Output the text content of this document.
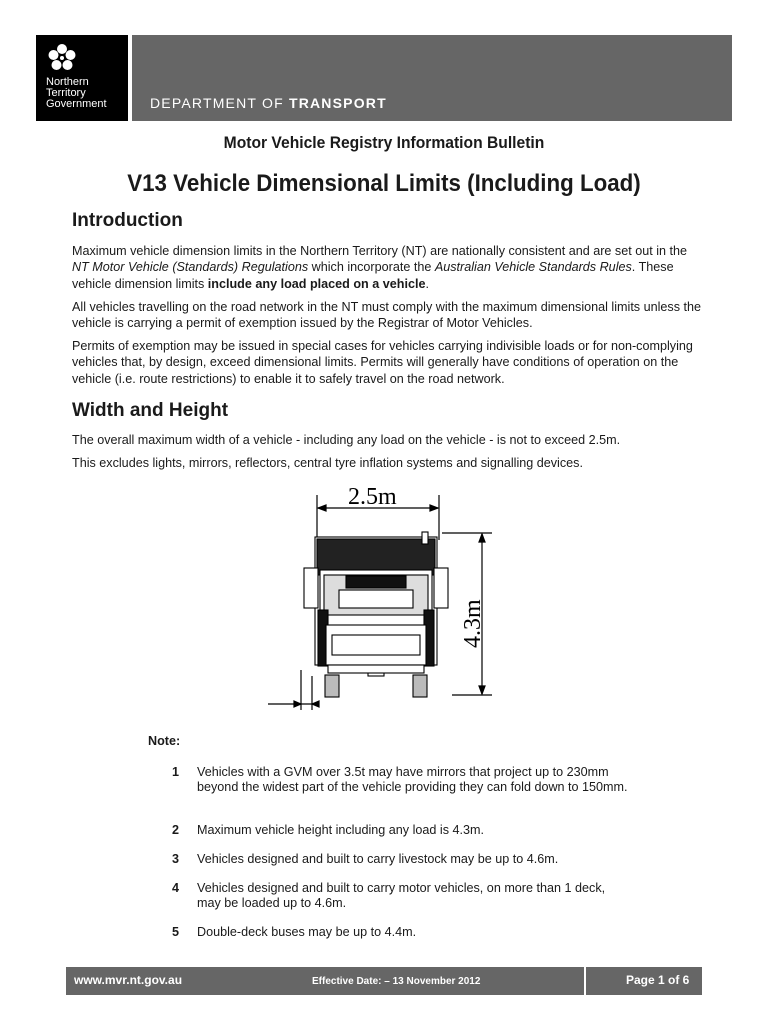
Northern
Territory
Government	DEPARTMENT OF TRANSPORT
Motor Vehicle Registry Information Bulletin
V13 Vehicle Dimensional Limits (Including Load)
Introduction

Maximum vehicle dimension limits in the Northern Territory (NT) are nationally consistent and are set out in the NT Motor Vehicle (Standards) Regulations which incorporate the Australian Vehicle Standards Rules. These vehicle dimension limits include any load placed on a vehicle.

All vehicles travelling on the road network in the NT must comply with the maximum dimensional limits unless the vehicle is carrying a permit of exemption issued by the Registrar of Motor Vehicles.

Permits of exemption may be issued in special cases for vehicles carrying indivisible loads or for non-complying vehicles that, by design, exceed dimensional limits. Permits will generally have conditions of operation on the vehicle (i.e. route restrictions) to enable it to safely travel on the road network.

Width and Height

The overall maximum width of a vehicle - including any load on the vehicle - is not to exceed 2.5m.

This excludes lights, mirrors, reflectors, central tyre inflation systems and signalling devices.

2.5m
4.3m
Note:
1	Vehicles with a GVM over 3.5t may have mirrors that project up to 230mm beyond the widest part of the vehicle providing they can fold down to 150mm.
2	Maximum vehicle height including any load is 4.3m.
3	Vehicles designed and built to carry livestock may be up to 4.6m.
4	Vehicles designed and built to carry motor vehicles, on more than 1 deck, may be loaded up to 4.6m.
5	Double-deck buses may be up to 4.4m.
www.mvr.nt.gov.au	Effective Date: – 13 November 2012	Page 1 of 6
